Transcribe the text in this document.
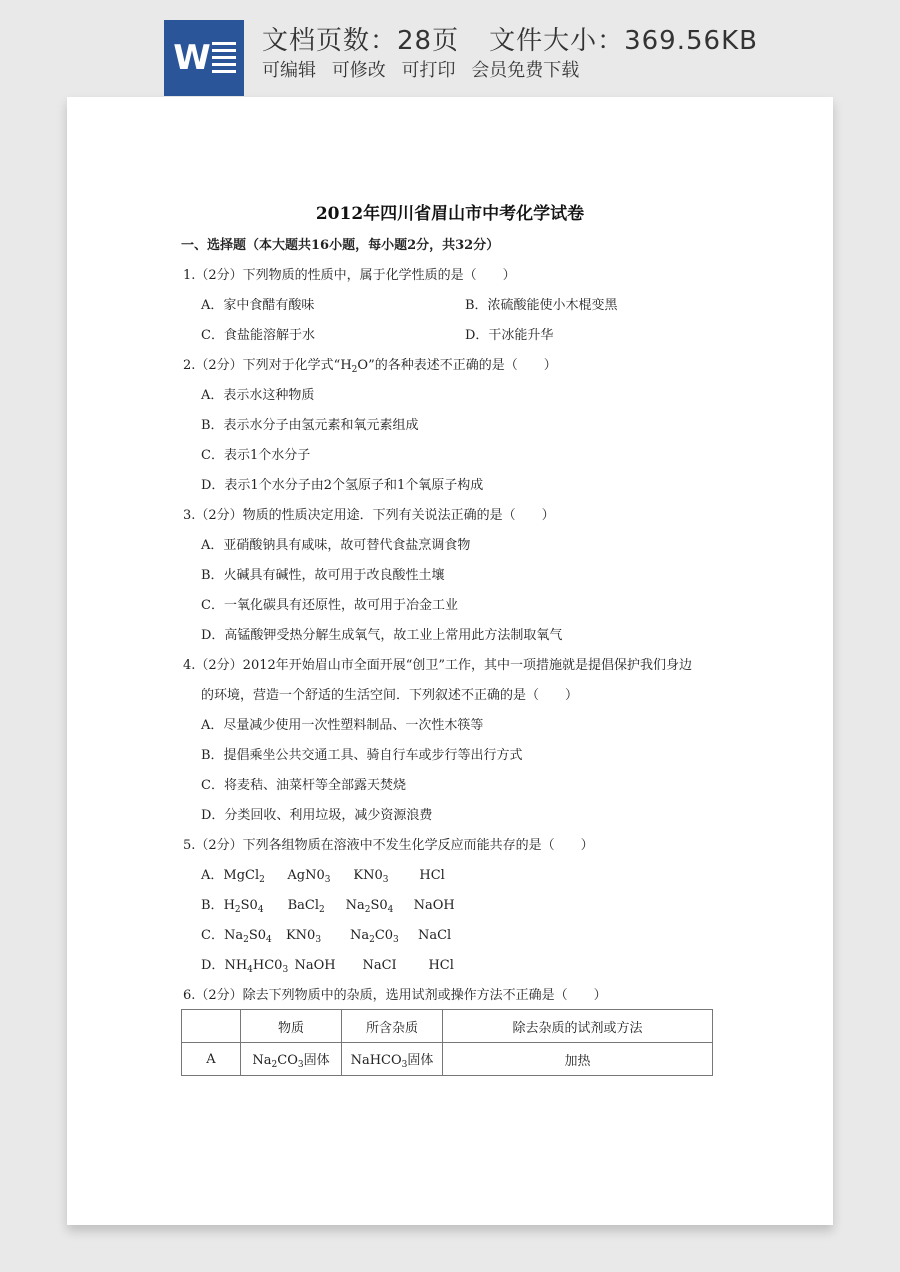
W 文档页数：28页 文件大小：369.56KB
可编辑 可修改 可打印 会员免费下载
2012年四川省眉山市中考化学试卷
一、选择题（本大题共16小题，每小题2分，共32分）
1.（2分）下列物质的性质中，属于化学性质的是（　　）
A．家中食醋有酸味	B．浓硫酸能使小木棍变黑
C．食盐能溶解于水	D．干冰能升华
2.（2分）下列对于化学式“$H_2O$”的各种表述不正确的是（　　）
A．表示水这种物质
B．表示水分子由氢元素和氧元素组成
C．表示1个水分子
D．表示1个水分子由2个氢原子和1个氧原子构成
3.（2分）物质的性质决定用途．下列有关说法正确的是（　　）
A．亚硝酸钠具有咸味，故可替代食盐烹调食物
B．火碱具有碱性，故可用于改良酸性土壤
C．一氧化碳具有还原性，故可用于冶金工业
D．高锰酸钾受热分解生成氧气，故工业上常用此方法制取氧气
4.（2分）2012年开始眉山市全面开展“创卫”工作，其中一项措施就是提倡保护我们身边
的环境，营造一个舒适的生活空间．下列叙述不正确的是（　　）
A．尽量减少使用一次性塑料制品、一次性木筷等
B．提倡乘坐公共交通工具、骑自行车或步行等出行方式
C．将麦秸、油菜杆等全部露天焚烧
D．分类回收、利用垃圾，减少资源浪费
5.（2分）下列各组物质在溶液中不发生化学反应而能共存的是（　　）
A．MgCl$_2$ $AgN0_3$ $KN0_3$ HCl
B．$H_2S0_4$ BaCl$_2$ $Na_2S0_4$ NaOH
C．$Na_2S0_4$ $KN0_3$ $Na_2C0_3$ NaCl
D．$NH_4HC0_3$ NaOH NaCI HCl
6.（2分）除去下列物质中的杂质，选用试剂或操作方法不正确是（　　）
	物质	所含杂质	除去杂质的试剂或方法
A	$Na_2CO_3$固体	NaHCO$_3$固体	加热
